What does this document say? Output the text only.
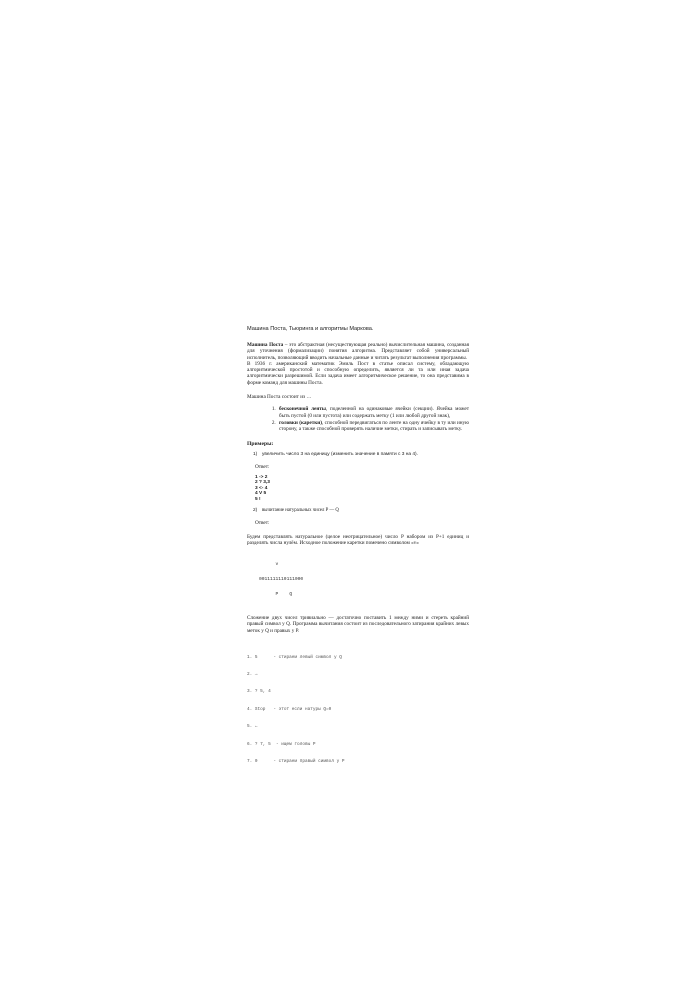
Машина Поста, Тьюринга и алгоритмы Маркова.

Машина Поста – это абстрактная (несуществующая реально) вычислительная машина, созданная для уточнения (формализации) понятия алгоритма. Представляет собой универсальный исполнитель, позволяющий вводить начальные данные и читать результат выполнения программы.

В 1936 г. американский математик Эмиль Пост в статье описал систему, обладающую алгоритмической простотой и способную определить, является ли та или иная задача алгоритмически разрешимой. Если задача имеет алгоритмическое решение, то она представима в форме команд для машины Поста.

Машина Поста состоит из …

1. бесконечной ленты, поделенной на одинаковые ячейки (секции). Ячейка может быть пустой (0 или пустота) или содержать метку (1 или любой другой знак),
2. головки (каретки), способной передвигаться по ленте на одну ячейку в ту или иную сторону, а также способной проверять наличие метки, стирать и записывать метку.

Примеры:

1) увеличить число 3 на единицу (изменить значение в памяти с 3 на 4).

Ответ:

1 -> 2
2 ? 3,3
3 <- 4
4 V 5
5 !

2) вычитание натуральных чисел P — Q

Ответ:

Будем представлять натуральное (целое неотрицательное) число P набором из P+1 единиц и разделять числа нулём. Исходное положение каретки помечено символом «v»

v

0011111110111000

P    Q

Сложение двух чисел тривиально — достаточно поставить 1 между ними и стереть крайний правый символ у Q. Программа вычитания состоит из последовательного затирания крайних левых меток у Q и правых у P.

1. 5      - стираем левый символ у Q

2. →

3. ? 5, 4

4. Stop   - этот если натуры Q=0

5. ←

6. ? 7, 5  - ищем головы P

7. 0      - стираем правый символ у P
